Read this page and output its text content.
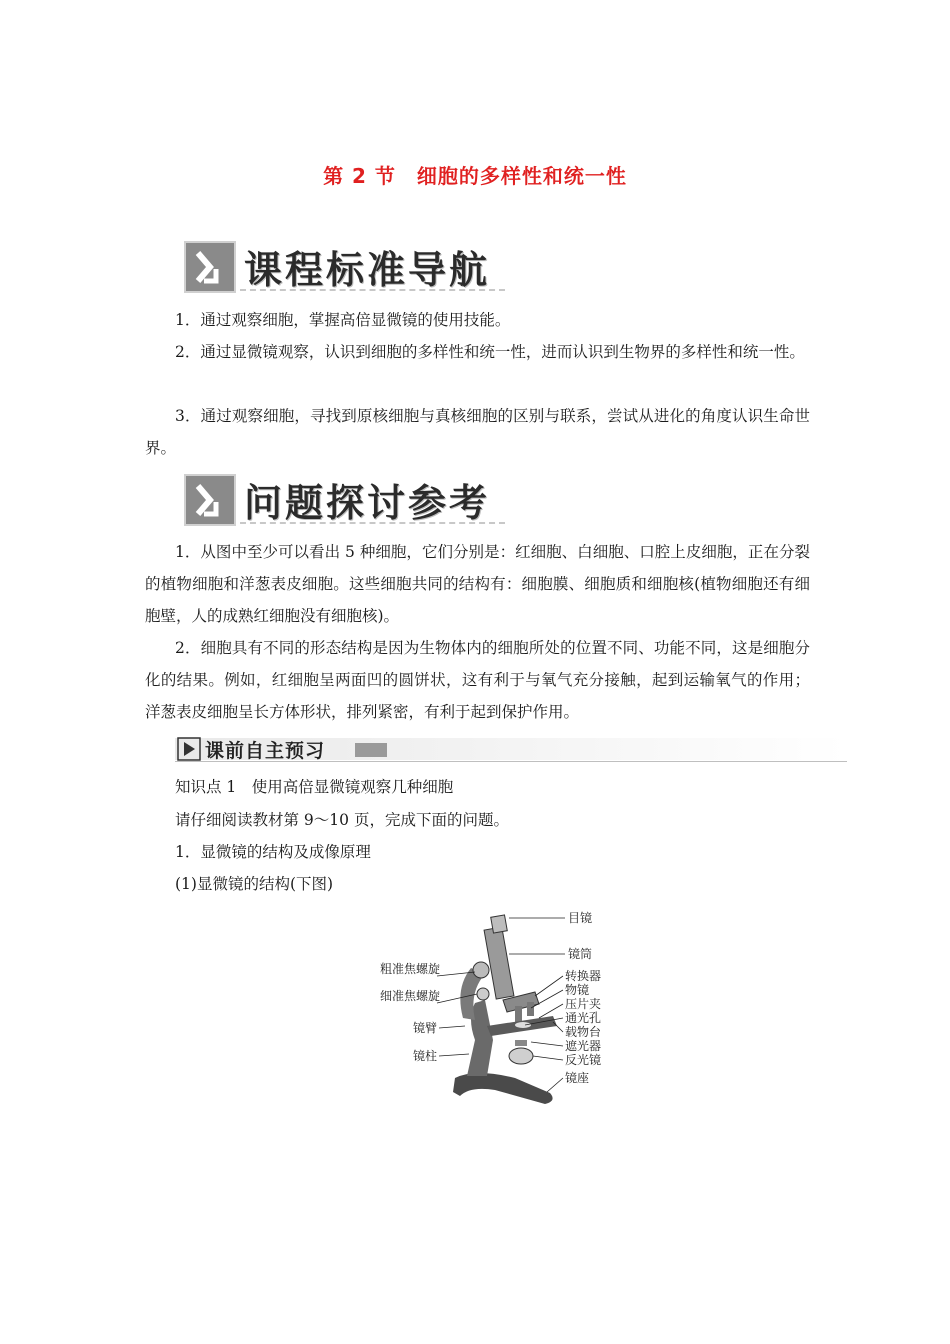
第 2 节　细胞的多样性和统一性
课程标准导航
1．通过观察细胞，掌握高倍显微镜的使用技能。
2．通过显微镜观察，认识到细胞的多样性和统一性，进而认识到生物界的多样性和统一性。
3．通过观察细胞，寻找到原核细胞与真核细胞的区别与联系，尝试从进化的角度认识生命世界。
问题探讨参考
1．从图中至少可以看出 5 种细胞，它们分别是：红细胞、白细胞、口腔上皮细胞，正在分裂的植物细胞和洋葱表皮细胞。这些细胞共同的结构有：细胞膜、细胞质和细胞核(植物细胞还有细胞壁，人的成熟红细胞没有细胞核)。
2．细胞具有不同的形态结构是因为生物体内的细胞所处的位置不同、功能不同，这是细胞分化的结果。例如，红细胞呈两面凹的圆饼状，这有利于与氧气充分接触，起到运输氧气的作用；洋葱表皮细胞呈长方体形状，排列紧密，有利于起到保护作用。
课前自主预习
知识点 1　使用高倍显微镜观察几种细胞
请仔细阅读教材第 9～10 页，完成下面的问题。
1．显微镜的结构及成像原理
(1)显微镜的结构(下图)
粗准焦螺旋
细准焦螺旋
镜臂
镜柱
目镜
镜筒
转换器
物镜
压片夹
通光孔
载物台
遮光器
反光镜
镜座
